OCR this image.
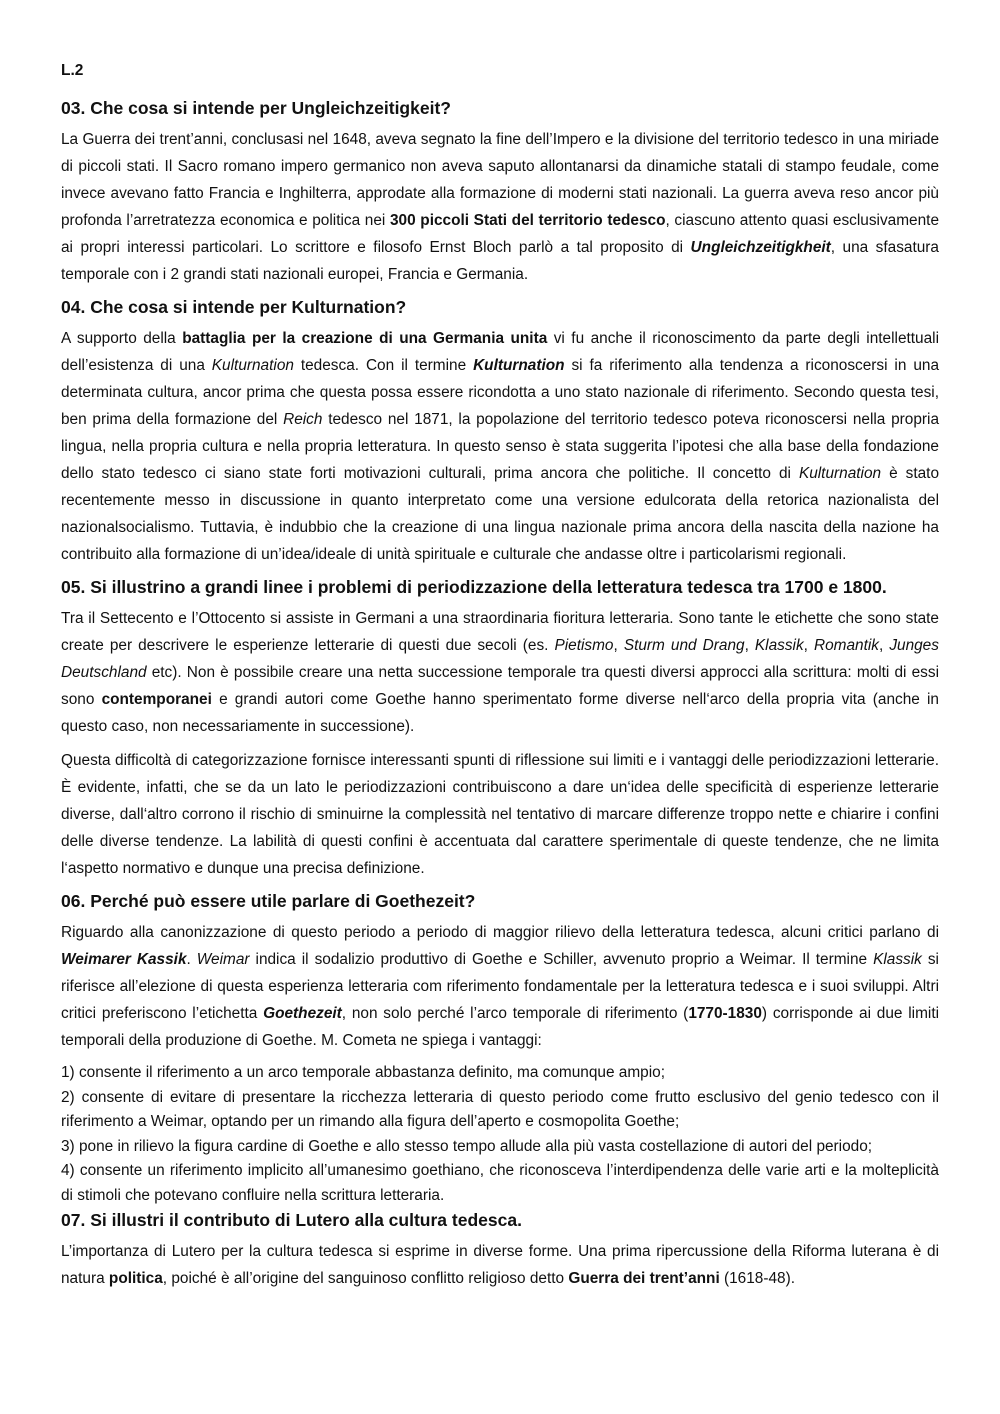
L.2
03. Che cosa si intende per Ungleichzeitigkeit?

La Guerra dei trent’anni, conclusasi nel 1648, aveva segnato la fine dell’Impero e la divisione del territorio tedesco in una miriade di piccoli stati. Il Sacro romano impero germanico non aveva saputo allontanarsi da dinamiche statali di stampo feudale, come invece avevano fatto Francia e Inghilterra, approdate alla formazione di moderni stati nazionali. La guerra aveva reso ancor più profonda l’arretratezza economica e politica nei 300 piccoli Stati del territorio tedesco, ciascuno attento quasi esclusivamente ai propri interessi particolari. Lo scrittore e filosofo Ernst Bloch parlò a tal proposito di Ungleichzeitigkheit, una sfasatura temporale con i 2 grandi stati nazionali europei, Francia e Germania.

04. Che cosa si intende per Kulturnation?

A supporto della battaglia per la creazione di una Germania unita vi fu anche il riconoscimento da parte degli intellettuali dell’esistenza di una Kulturnation tedesca. Con il termine Kulturnation si fa riferimento alla tendenza a riconoscersi in una determinata cultura, ancor prima che questa possa essere ricondotta a uno stato nazionale di riferimento. Secondo questa tesi, ben prima della formazione del Reich tedesco nel 1871, la popolazione del territorio tedesco poteva riconoscersi nella propria lingua, nella propria cultura e nella propria letteratura. In questo senso è stata suggerita l’ipotesi che alla base della fondazione dello stato tedesco ci siano state forti motivazioni culturali, prima ancora che politiche. Il concetto di Kulturnation è stato recentemente messo in discussione in quanto interpretato come una versione edulcorata della retorica nazionalista del nazionalsocialismo. Tuttavia, è indubbio che la creazione di una lingua nazionale prima ancora della nascita della nazione ha contribuito alla formazione di un’idea/ideale di unità spirituale e culturale che andasse oltre i particolarismi regionali.

05. Si illustrino a grandi linee i problemi di periodizzazione della letteratura tedesca tra 1700 e 1800.

Tra il Settecento e l’Ottocento si assiste in Germani a una straordinaria fioritura letteraria. Sono tante le etichette che sono state create per descrivere le esperienze letterarie di questi due secoli (es. Pietismo, Sturm und Drang, Klassik, Romantik, Junges Deutschland etc). Non è possibile creare una netta successione temporale tra questi diversi approcci alla scrittura: molti di essi sono contemporanei e grandi autori come Goethe hanno sperimentato forme diverse nell‘arco della propria vita (anche in questo caso, non necessariamente in successione).

Questa difficoltà di categorizzazione fornisce interessanti spunti di riflessione sui limiti e i vantaggi delle periodizzazioni letterarie. È evidente, infatti, che se da un lato le periodizzazioni contribuiscono a dare un‘idea delle specificità di esperienze letterarie diverse, dall‘altro corrono il rischio di sminuirne la complessità nel tentativo di marcare differenze troppo nette e chiarire i confini delle diverse tendenze. La labilità di questi confini è accentuata dal carattere sperimentale di queste tendenze, che ne limita l‘aspetto normativo e dunque una precisa definizione.

06. Perché può essere utile parlare di Goethezeit?

Riguardo alla canonizzazione di questo periodo a periodo di maggior rilievo della letteratura tedesca, alcuni critici parlano di Weimarer Kassik. Weimar indica il sodalizio produttivo di Goethe e Schiller, avvenuto proprio a Weimar. Il termine Klassik si riferisce all’elezione di questa esperienza letteraria com riferimento fondamentale per la letteratura tedesca e i suoi sviluppi. Altri critici preferiscono l’etichetta Goethezeit, non solo perché l’arco temporale di riferimento (1770-1830) corrisponde ai due limiti temporali della produzione di Goethe. M. Cometa ne spiega i vantaggi:

1) consente il riferimento a un arco temporale abbastanza definito, ma comunque ampio;
2) consente di evitare di presentare la ricchezza letteraria di questo periodo come frutto esclusivo del genio tedesco con il riferimento a Weimar, optando per un rimando alla figura dell’aperto e cosmopolita Goethe;
3) pone in rilievo la figura cardine di Goethe e allo stesso tempo allude alla più vasta costellazione di autori del periodo;
4) consente un riferimento implicito all’umanesimo goethiano, che riconosceva l’interdipendenza delle varie arti e la molteplicità di stimoli che potevano confluire nella scrittura letteraria.
07. Si illustri il contributo di Lutero alla cultura tedesca.

L’importanza di Lutero per la cultura tedesca si esprime in diverse forme. Una prima ripercussione della Riforma luterana è di natura politica, poiché è all’origine del sanguinoso conflitto religioso detto Guerra dei trent’anni (1618-48).
